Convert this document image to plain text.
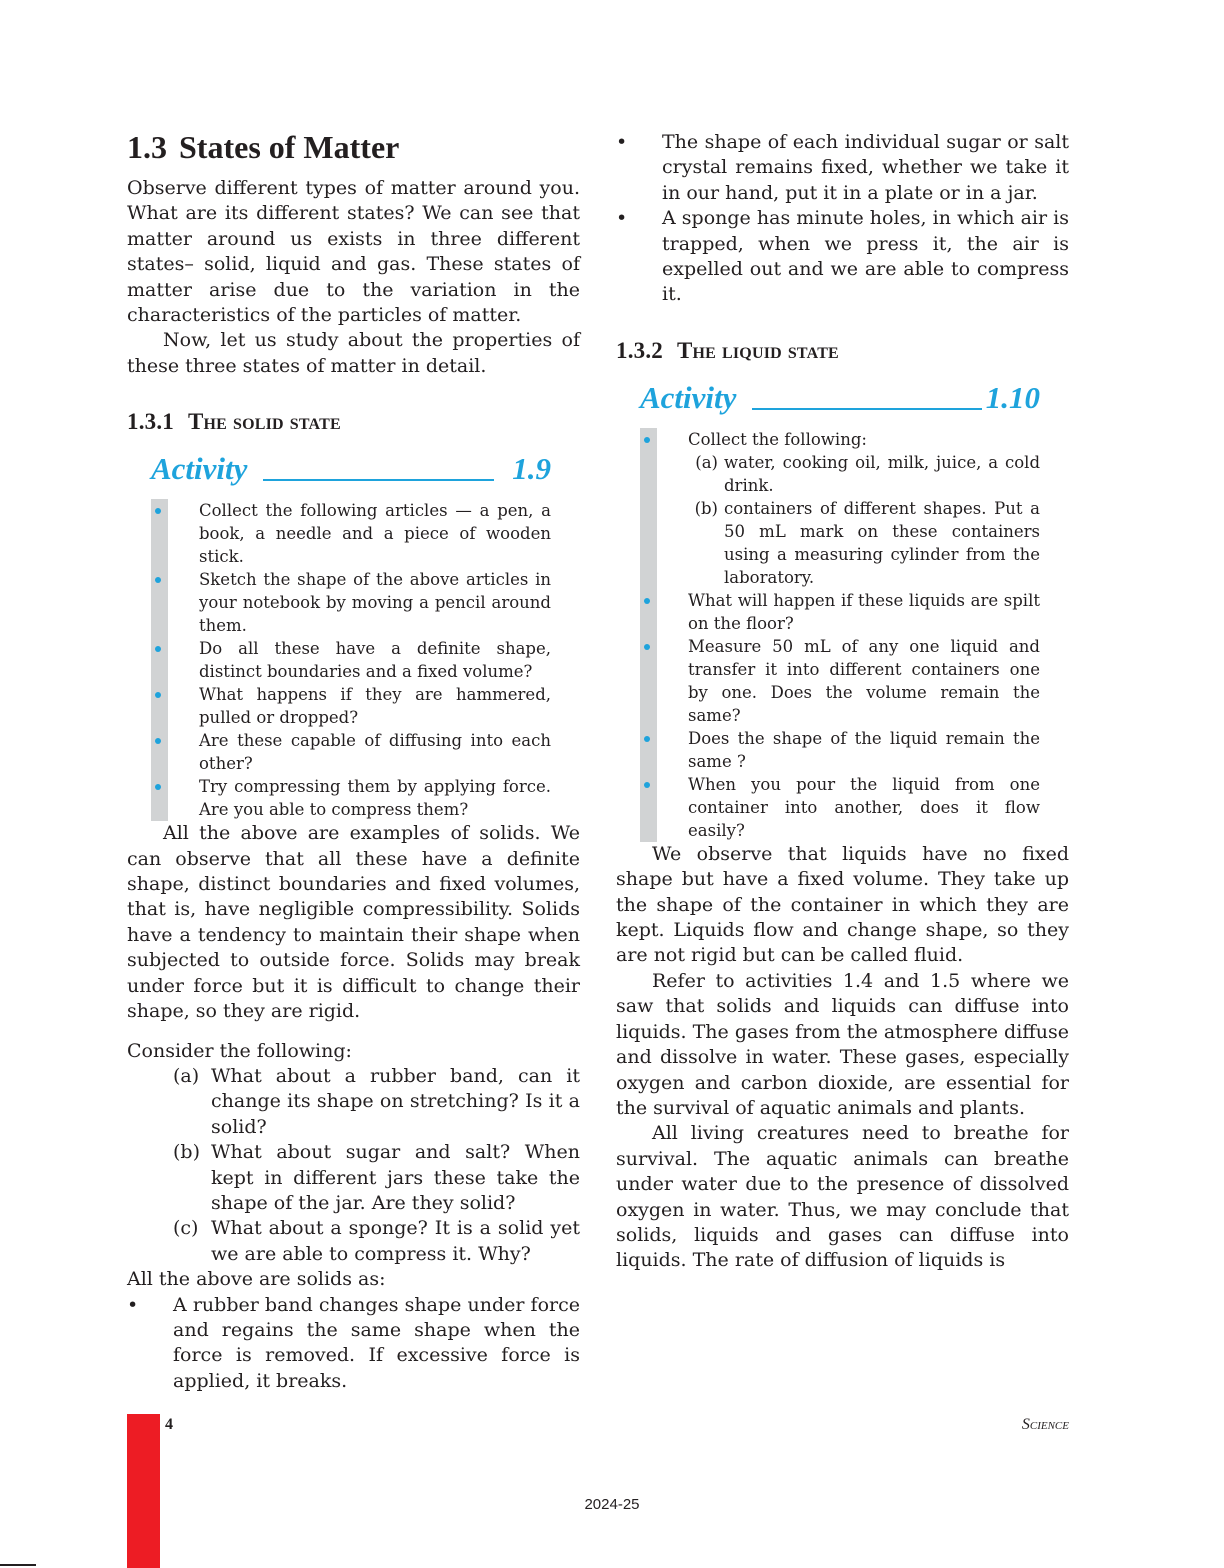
1.3 States of Matter

Observe different types of matter around you. What are its different states? We can see that matter around us exists in three different states– solid, liquid and gas. These states of matter arise due to the variation in the characteristics of the particles of matter.

Now, let us study about the properties of these three states of matter in detail.

1.3.1 The solid state
Activity	1.9
Collect the following articles — a pen, a book, a needle and a piece of wooden stick.
Sketch the shape of the above articles in your notebook by moving a pencil around them.
Do all these have a definite shape, distinct boundaries and a fixed volume?
What happens if they are hammered, pulled or dropped?
Are these capable of diffusing into each other?
Try compressing them by applying force. Are you able to compress them?

All the above are examples of solids. We can observe that all these have a definite shape, distinct boundaries and fixed volumes, that is, have negligible compressibility. Solids have a tendency to maintain their shape when subjected to outside force. Solids may break under force but it is difficult to change their shape, so they are rigid.

Consider the following:
(a) What about a rubber band, can it change its shape on stretching? Is it a solid?
(b) What about sugar and salt? When kept in different jars these take the shape of the jar. Are they solid?
(c) What about a sponge? It is a solid yet we are able to compress it. Why?
All the above are solids as:
• A rubber band changes shape under force and regains the same shape when the force is removed. If excessive force is applied, it breaks.
• The shape of each individual sugar or salt crystal remains fixed, whether we take it in our hand, put it in a plate or in a jar.
• A sponge has minute holes, in which air is trapped, when we press it, the air is expelled out and we are able to compress it.
1.3.2 The liquid state
Activity	1.10
Collect the following:
(a) water, cooking oil, milk, juice, a cold drink.
(b) containers of different shapes. Put a 50 mL mark on these containers using a measuring cylinder from the laboratory.
What will happen if these liquids are spilt on the floor?
Measure 50 mL of any one liquid and transfer it into different containers one by one. Does the volume remain the same?
Does the shape of the liquid remain the same ?
When you pour the liquid from one container into another, does it flow easily?

We observe that liquids have no fixed shape but have a fixed volume. They take up the shape of the container in which they are kept. Liquids flow and change shape, so they are not rigid but can be called fluid.

Refer to activities 1.4 and 1.5 where we saw that solids and liquids can diffuse into liquids. The gases from the atmosphere diffuse and dissolve in water. These gases, especially oxygen and carbon dioxide, are essential for the survival of aquatic animals and plants.

All living creatures need to breathe for survival. The aquatic animals can breathe under water due to the presence of dissolved oxygen in water. Thus, we may conclude that solids, liquids and gases can diffuse into liquids. The rate of diffusion of liquids is

4	Science
2024-25
